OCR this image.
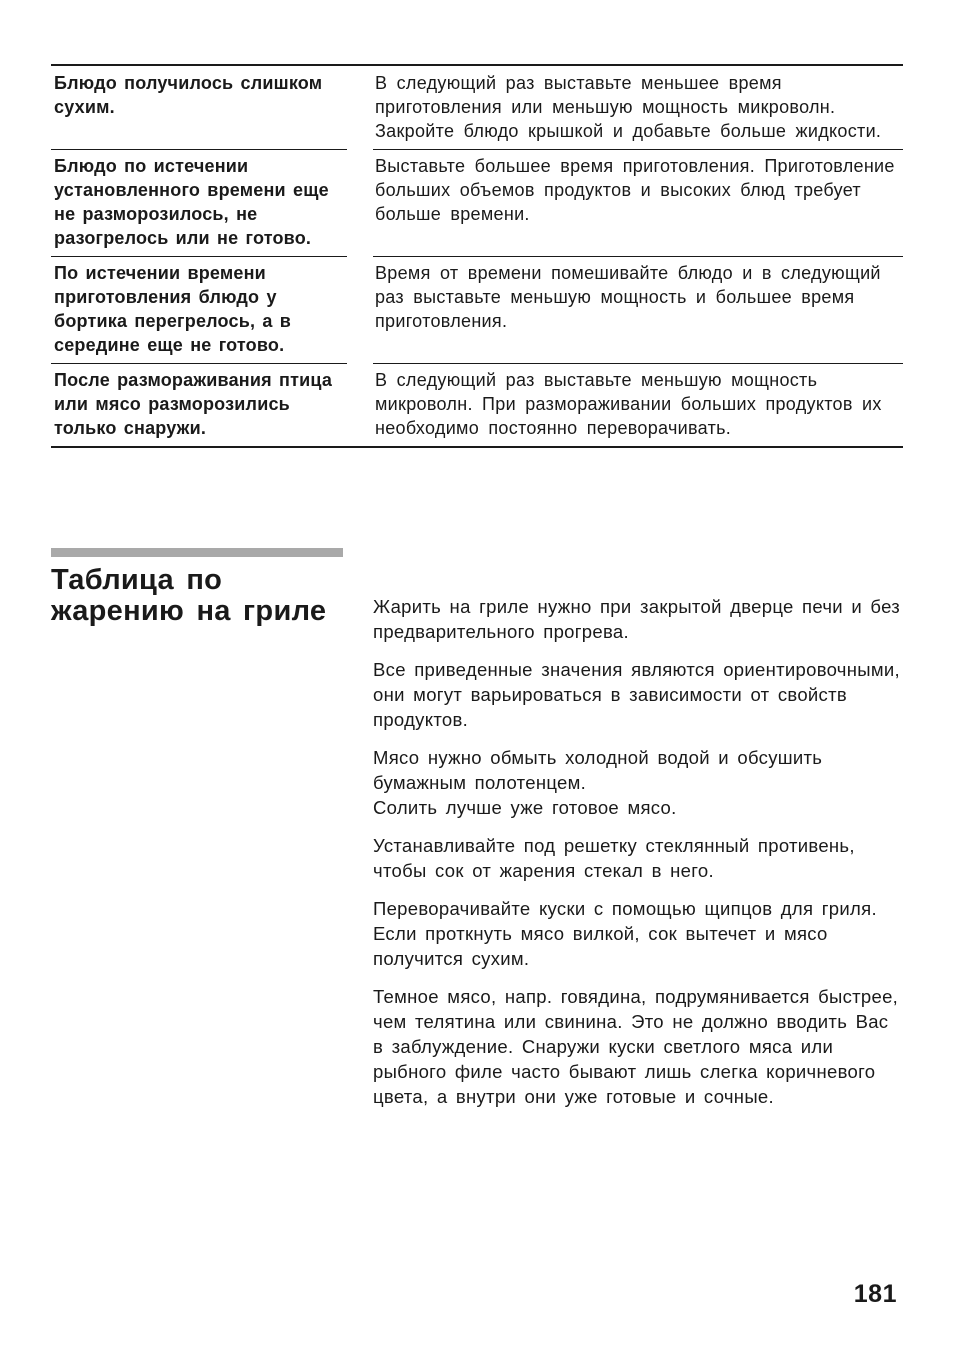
Блюдо получилось слишком сухим.
В следующий раз выставьте меньшее время приготовления или меньшую мощность микроволн. Закройте блюдо крышкой и добавьте больше жидкости.
Блюдо по истечении установленного времени еще не разморозилось, не разогрелось или не готово.
Выставьте большее время приготовления. Приготовление больших объемов продуктов и высоких блюд требует больше времени.
По истечении времени приготовления блюдо у бортика перегрелось, а в середине еще не готово.
Время от времени помешивайте блюдо и в следующий раз выставьте меньшую мощность и большее время приготовления.
После размораживания птица или мясо разморозились только снаружи.
В следующий раз выставьте меньшую мощность микроволн. При размораживании больших продуктов их необходимо постоянно переворачивать.
Таблица по жарению на гриле	Жарить на гриле нужно при закрытой дверце печи и без предварительного прогрева.

Все приведенные значения являются ориентировочными, они могут варьироваться в зависимости от свойств продуктов.

Мясо нужно обмыть холодной водой и обсушить бумажным полотенцем.
Солить лучше уже готовое мясо.

Устанавливайте под решетку стеклянный противень, чтобы сок от жарения стекал в него.

Переворачивайте куски с помощью щипцов для гриля. Если проткнуть мясо вилкой, сок вытечет и мясо получится сухим.

Темное мясо, напр. говядина, подрумянивается быстрее, чем телятина или свинина. Это не должно вводить Вас в заблуждение. Снаружи куски светлого мяса или рыбного филе часто бывают лишь слегка коричневого цвета, а внутри они уже готовые и сочные.

181
